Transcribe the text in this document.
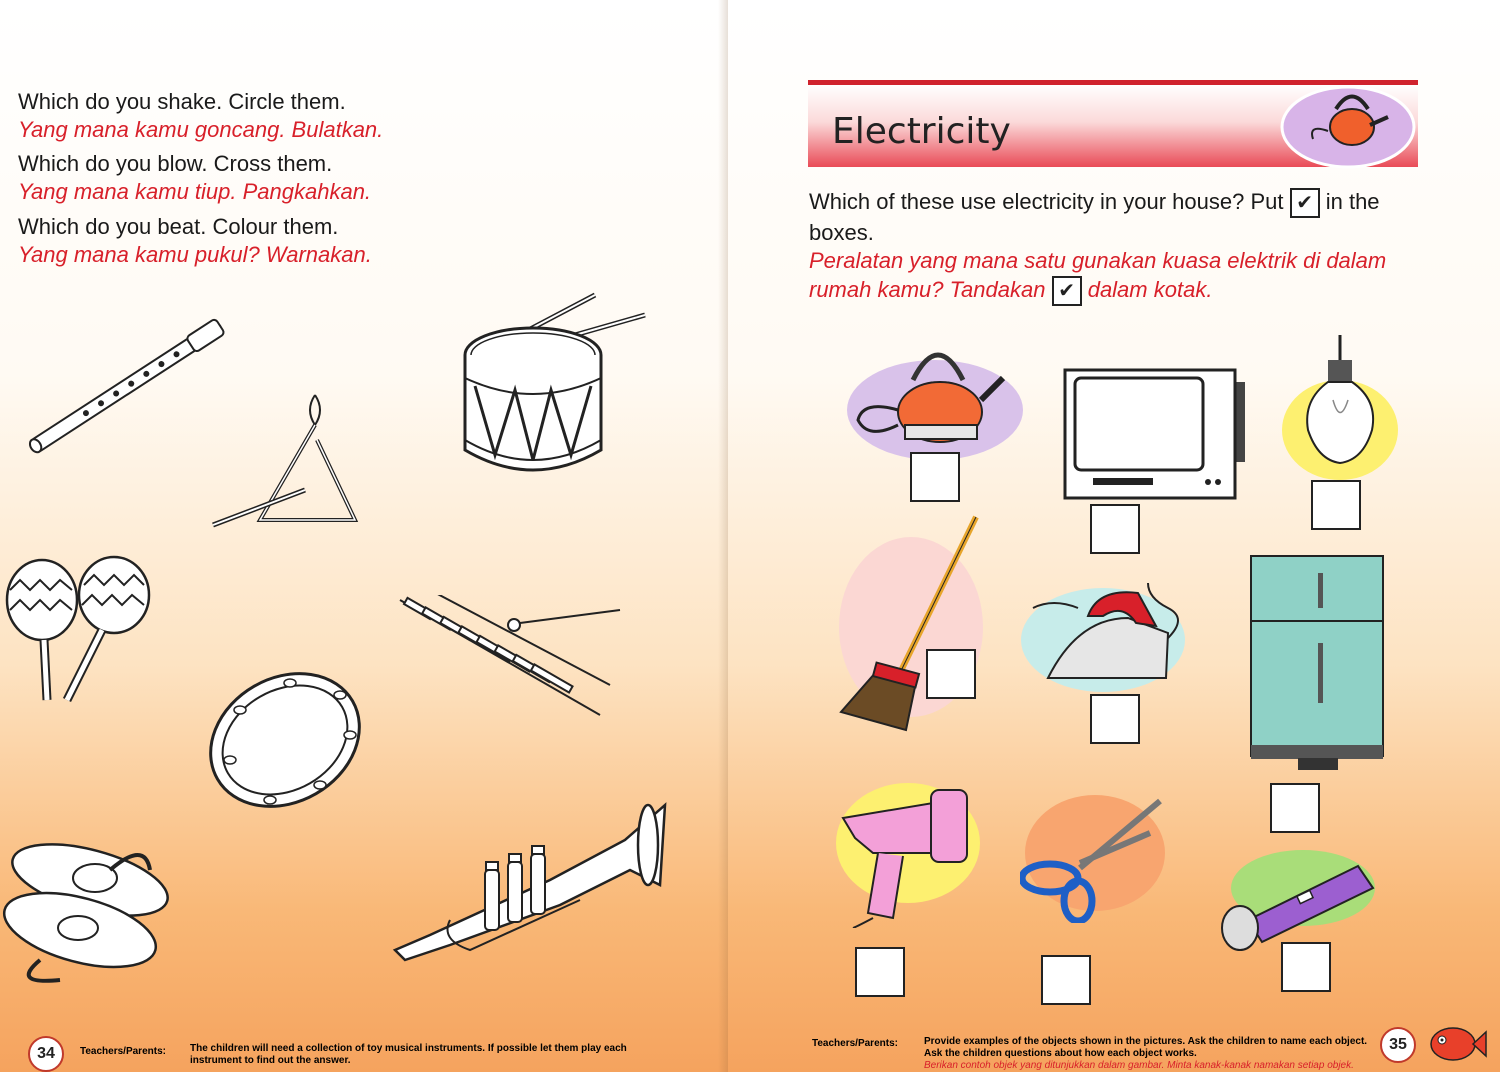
Which do you shake. Circle them.
Yang mana kamu goncang. Bulatkan.
Which do you blow. Cross them.
Yang mana kamu tiup. Pangkahkan.
Which do you beat. Colour them.
Yang mana kamu pukul? Warnakan.
34	Teachers/Parents: The children will need a collection of toy musical instruments. If possible let them play each instrument to find out the answer.
Electricity
Which of these use electricity in your house? Put ✔ in the boxes.
Peralatan yang mana satu gunakan kuasa elektrik di dalam rumah kamu? Tandakan ✔ dalam kotak.
Teachers/Parents:	Provide examples of the objects shown in the pictures. Ask the children to name each object. Ask the children questions about how each object works.
Berikan contoh objek yang ditunjukkan dalam gambar. Minta kanak-kanak namakan setiap objek.
35
